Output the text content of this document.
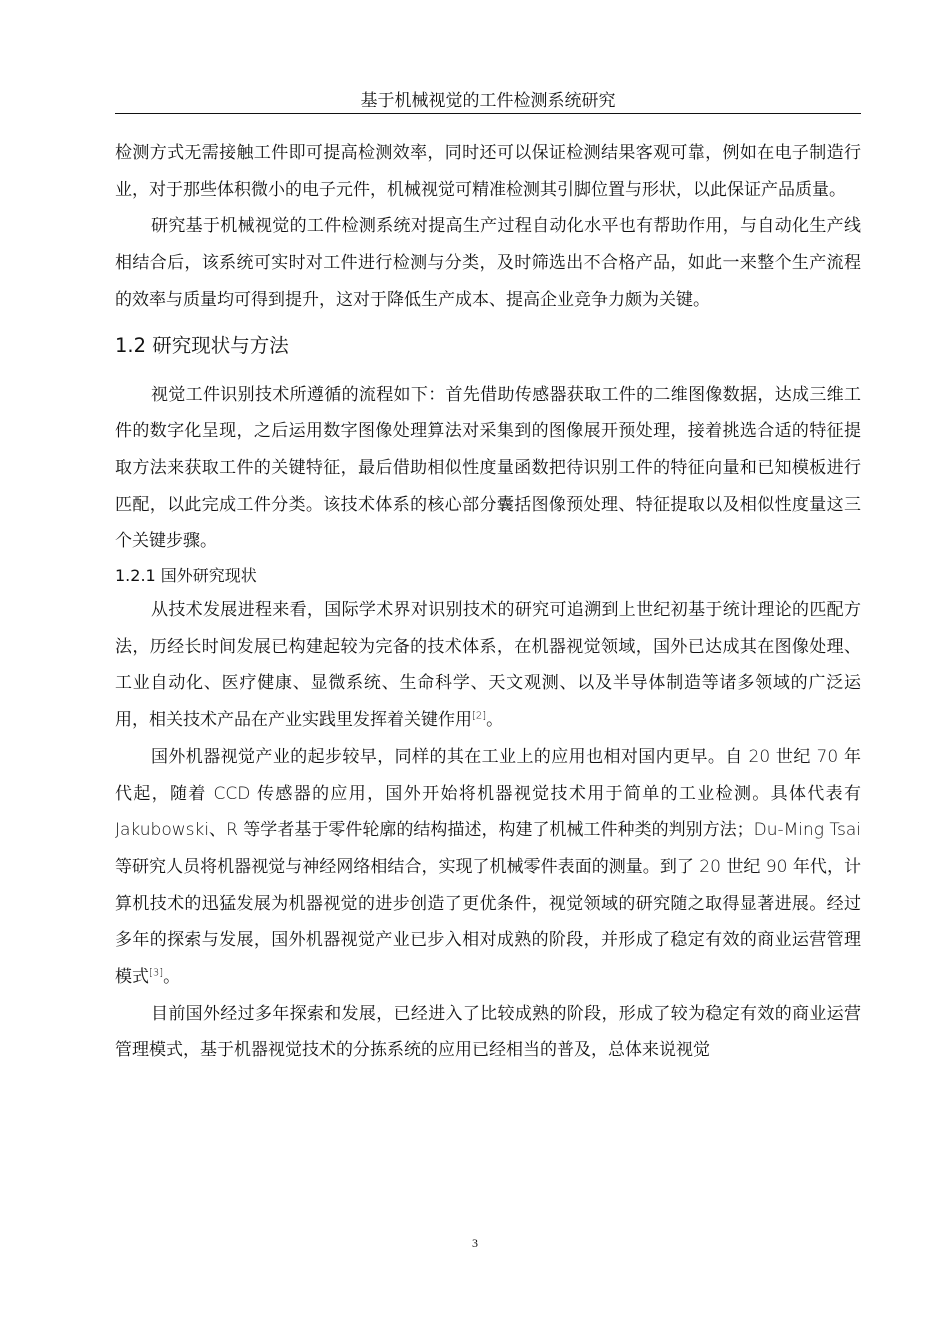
基于机械视觉的工件检测系统研究

检测方式无需接触工件即可提高检测效率，同时还可以保证检测结果客观可靠，例如在电子制造行业，对于那些体积微小的电子元件，机械视觉可精准检测其引脚位置与形状，以此保证产品质量。

研究基于机械视觉的工件检测系统对提高生产过程自动化水平也有帮助作用，与自动化生产线相结合后，该系统可实时对工件进行检测与分类，及时筛选出不合格产品，如此一来整个生产流程的效率与质量均可得到提升，这对于降低生产成本、提高企业竞争力颇为关键。

1.2 研究现状与方法

视觉工件识别技术所遵循的流程如下：首先借助传感器获取工件的二维图像数据，达成三维工件的数字化呈现，之后运用数字图像处理算法对采集到的图像展开预处理，接着挑选合适的特征提取方法来获取工件的关键特征，最后借助相似性度量函数把待识别工件的特征向量和已知模板进行匹配，以此完成工件分类。该技术体系的核心部分囊括图像预处理、特征提取以及相似性度量这三个关键步骤。

1.2.1 国外研究现状

从技术发展进程来看，国际学术界对识别技术的研究可追溯到上世纪初基于统计理论的匹配方法，历经长时间发展已构建起较为完备的技术体系，在机器视觉领域，国外已达成其在图像处理、工业自动化、医疗健康、显微系统、生命科学、天文观测、以及半导体制造等诸多领域的广泛运用，相关技术产品在产业实践里发挥着关键作用[2]。

国外机器视觉产业的起步较早，同样的其在工业上的应用也相对国内更早。自 20 世纪 70 年代起，随着 CCD 传感器的应用，国外开始将机器视觉技术用于简单的工业检测。具体代表有 Jakubowski、R 等学者基于零件轮廓的结构描述，构建了机械工件种类的判别方法；Du-Ming Tsai 等研究人员将机器视觉与神经网络相结合，实现了机械零件表面的测量。到了 20 世纪 90 年代，计算机技术的迅猛发展为机器视觉的进步创造了更优条件，视觉领域的研究随之取得显著进展。经过多年的探索与发展，国外机器视觉产业已步入相对成熟的阶段，并形成了稳定有效的商业运营管理模式[3]。

目前国外经过多年探索和发展，已经进入了比较成熟的阶段，形成了较为稳定有效的商业运营管理模式，基于机器视觉技术的分拣系统的应用已经相当的普及，总体来说视觉

3
